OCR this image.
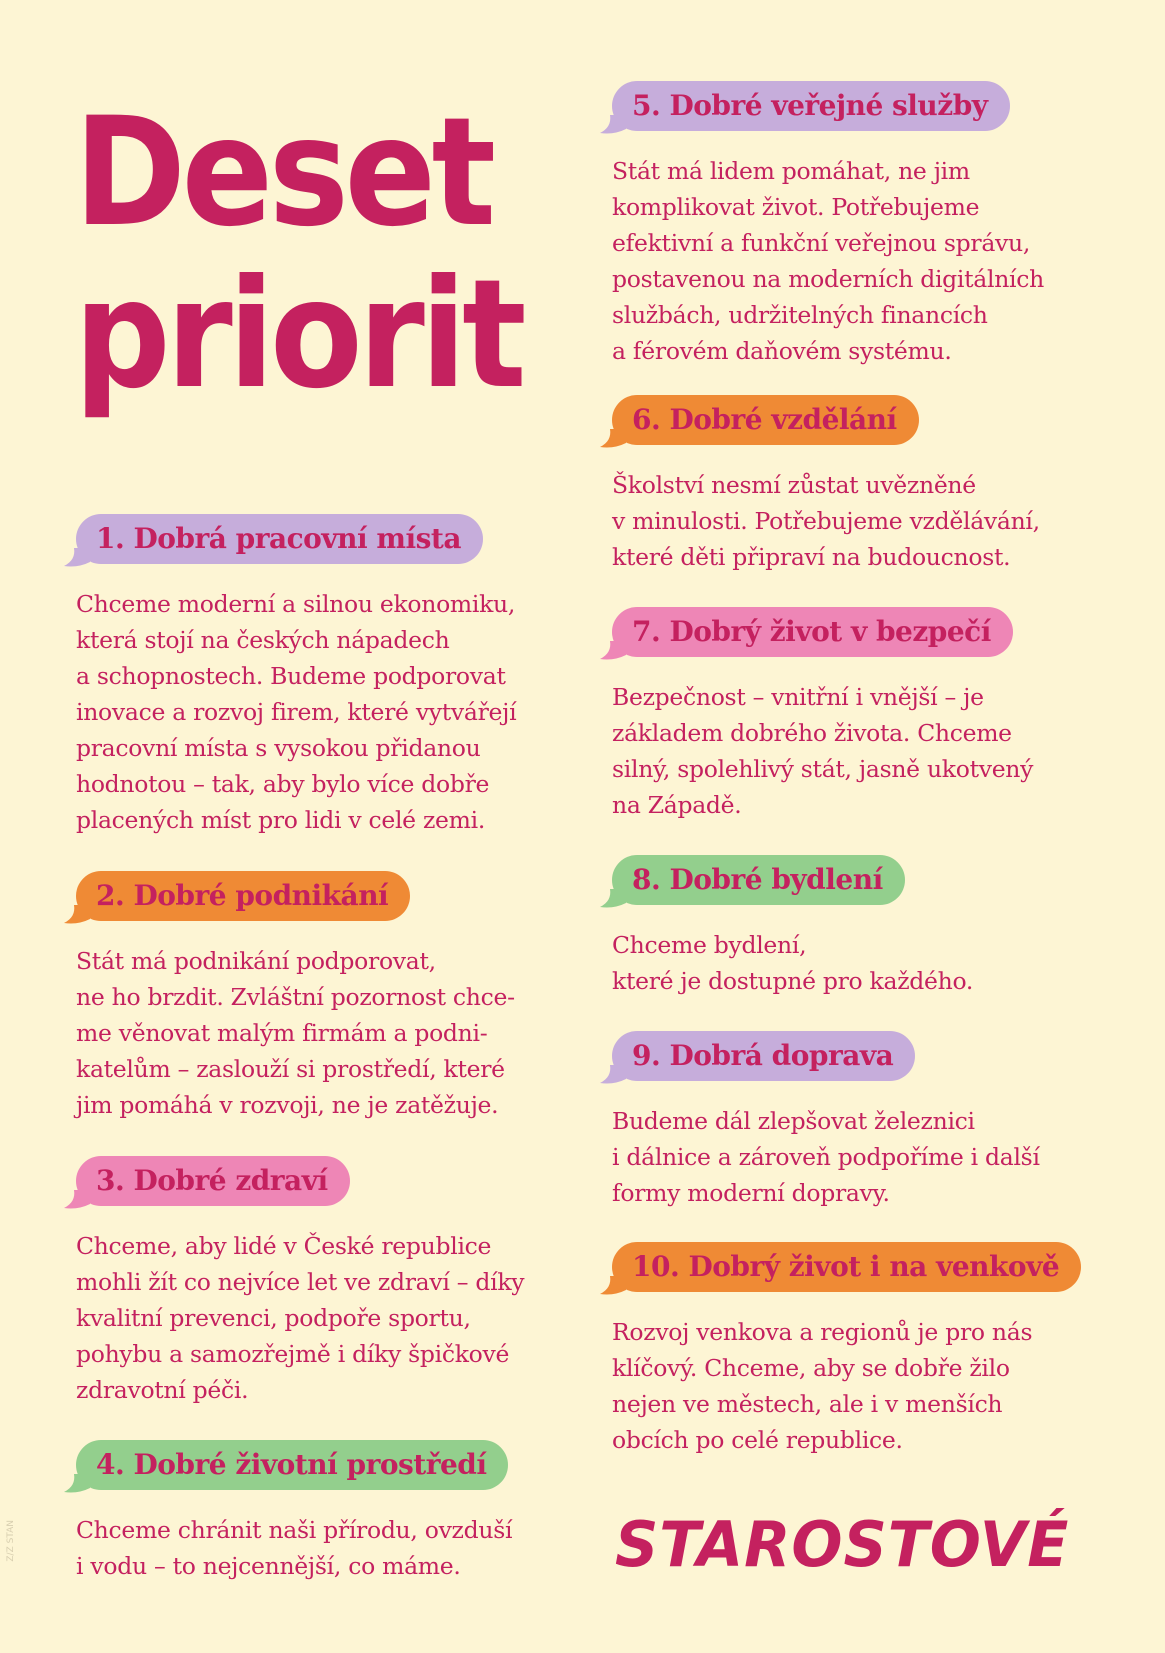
Deset
priorit
1. Dobrá pracovní místa

Chceme moderní a silnou ekonomiku,
která stojí na českých nápadech
a schopnostech. Budeme podporovat
inovace a rozvoj firem, které vytvářejí
pracovní místa s vysokou přidanou
hodnotou – tak, aby bylo více dobře
placených míst pro lidi v celé zemi.

2. Dobré podnikání

Stát má podnikání podporovat,
ne ho brzdit. Zvláštní pozornost chce-
me věnovat malým firmám a podni-
katelům – zaslouží si prostředí, které
jim pomáhá v rozvoji, ne je zatěžuje.

3. Dobré zdraví

Chceme, aby lidé v České republice
mohli žít co nejvíce let ve zdraví – díky
kvalitní prevenci, podpoře sportu,
pohybu a samozřejmě i díky špičkové
zdravotní péči.

4. Dobré životní prostředí

Chceme chránit naši přírodu, ovzduší
i vodu – to nejcennější, co máme.

5. Dobré veřejné služby

Stát má lidem pomáhat, ne jim
komplikovat život. Potřebujeme
efektivní a funkční veřejnou správu,
postavenou na moderních digitálních
službách, udržitelných financích
a férovém daňovém systému.

6. Dobré vzdělání

Školství nesmí zůstat uvězněné
v minulosti. Potřebujeme vzdělávání,
které děti připraví na budoucnost.

7. Dobrý život v bezpečí

Bezpečnost – vnitřní i vnější – je
základem dobrého života. Chceme
silný, spolehlivý stát, jasně ukotvený
na Západě.

8. Dobré bydlení

Chceme bydlení,
které je dostupné pro každého.

9. Dobrá doprava

Budeme dál zlepšovat železnici
i dálnice a zároveň podpoříme i další
formy moderní dopravy.

10. Dobrý život i na venkově

Rozvoj venkova a regionů je pro nás
klíčový. Chceme, aby se dobře žilo
nejen ve městech, ale i v menších
obcích po celé republice.

STAROSTOVÉ
Z/Z STAN
